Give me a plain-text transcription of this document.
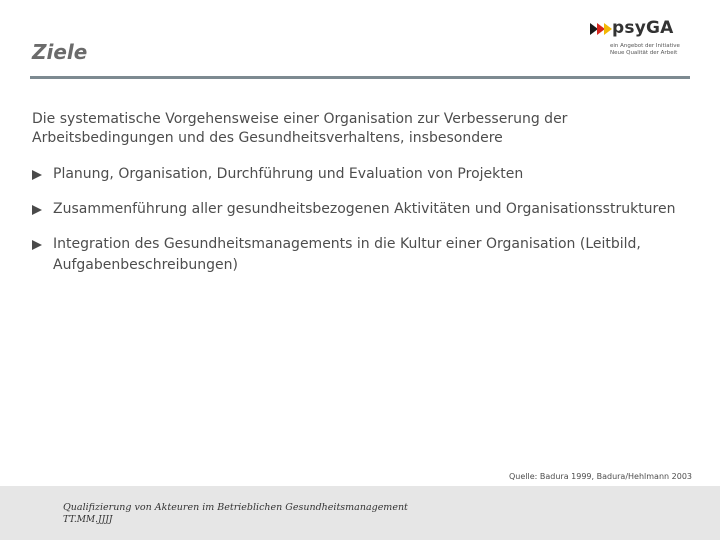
Ziele
psyGA
ein Angebot der Initiative
Neue Qualität der Arbeit

Die systematische Vorgehensweise einer Organisation zur Verbesserung der Arbeitsbedingungen und des Gesundheitsverhaltens, insbesondere

Planung, Organisation, Durchführung und Evaluation von Projekten
Zusammenführung aller gesundheitsbezogenen Aktivitäten und Organisationsstrukturen
Integration des Gesundheitsmanagements in die Kultur einer Organisation (Leitbild, Aufgabenbeschreibungen)
Quelle: Badura 1999, Badura/Hehlmann 2003
Qualifizierung von Akteuren im Betrieblichen Gesundheitsmanagement
TT.MM.JJJJ
